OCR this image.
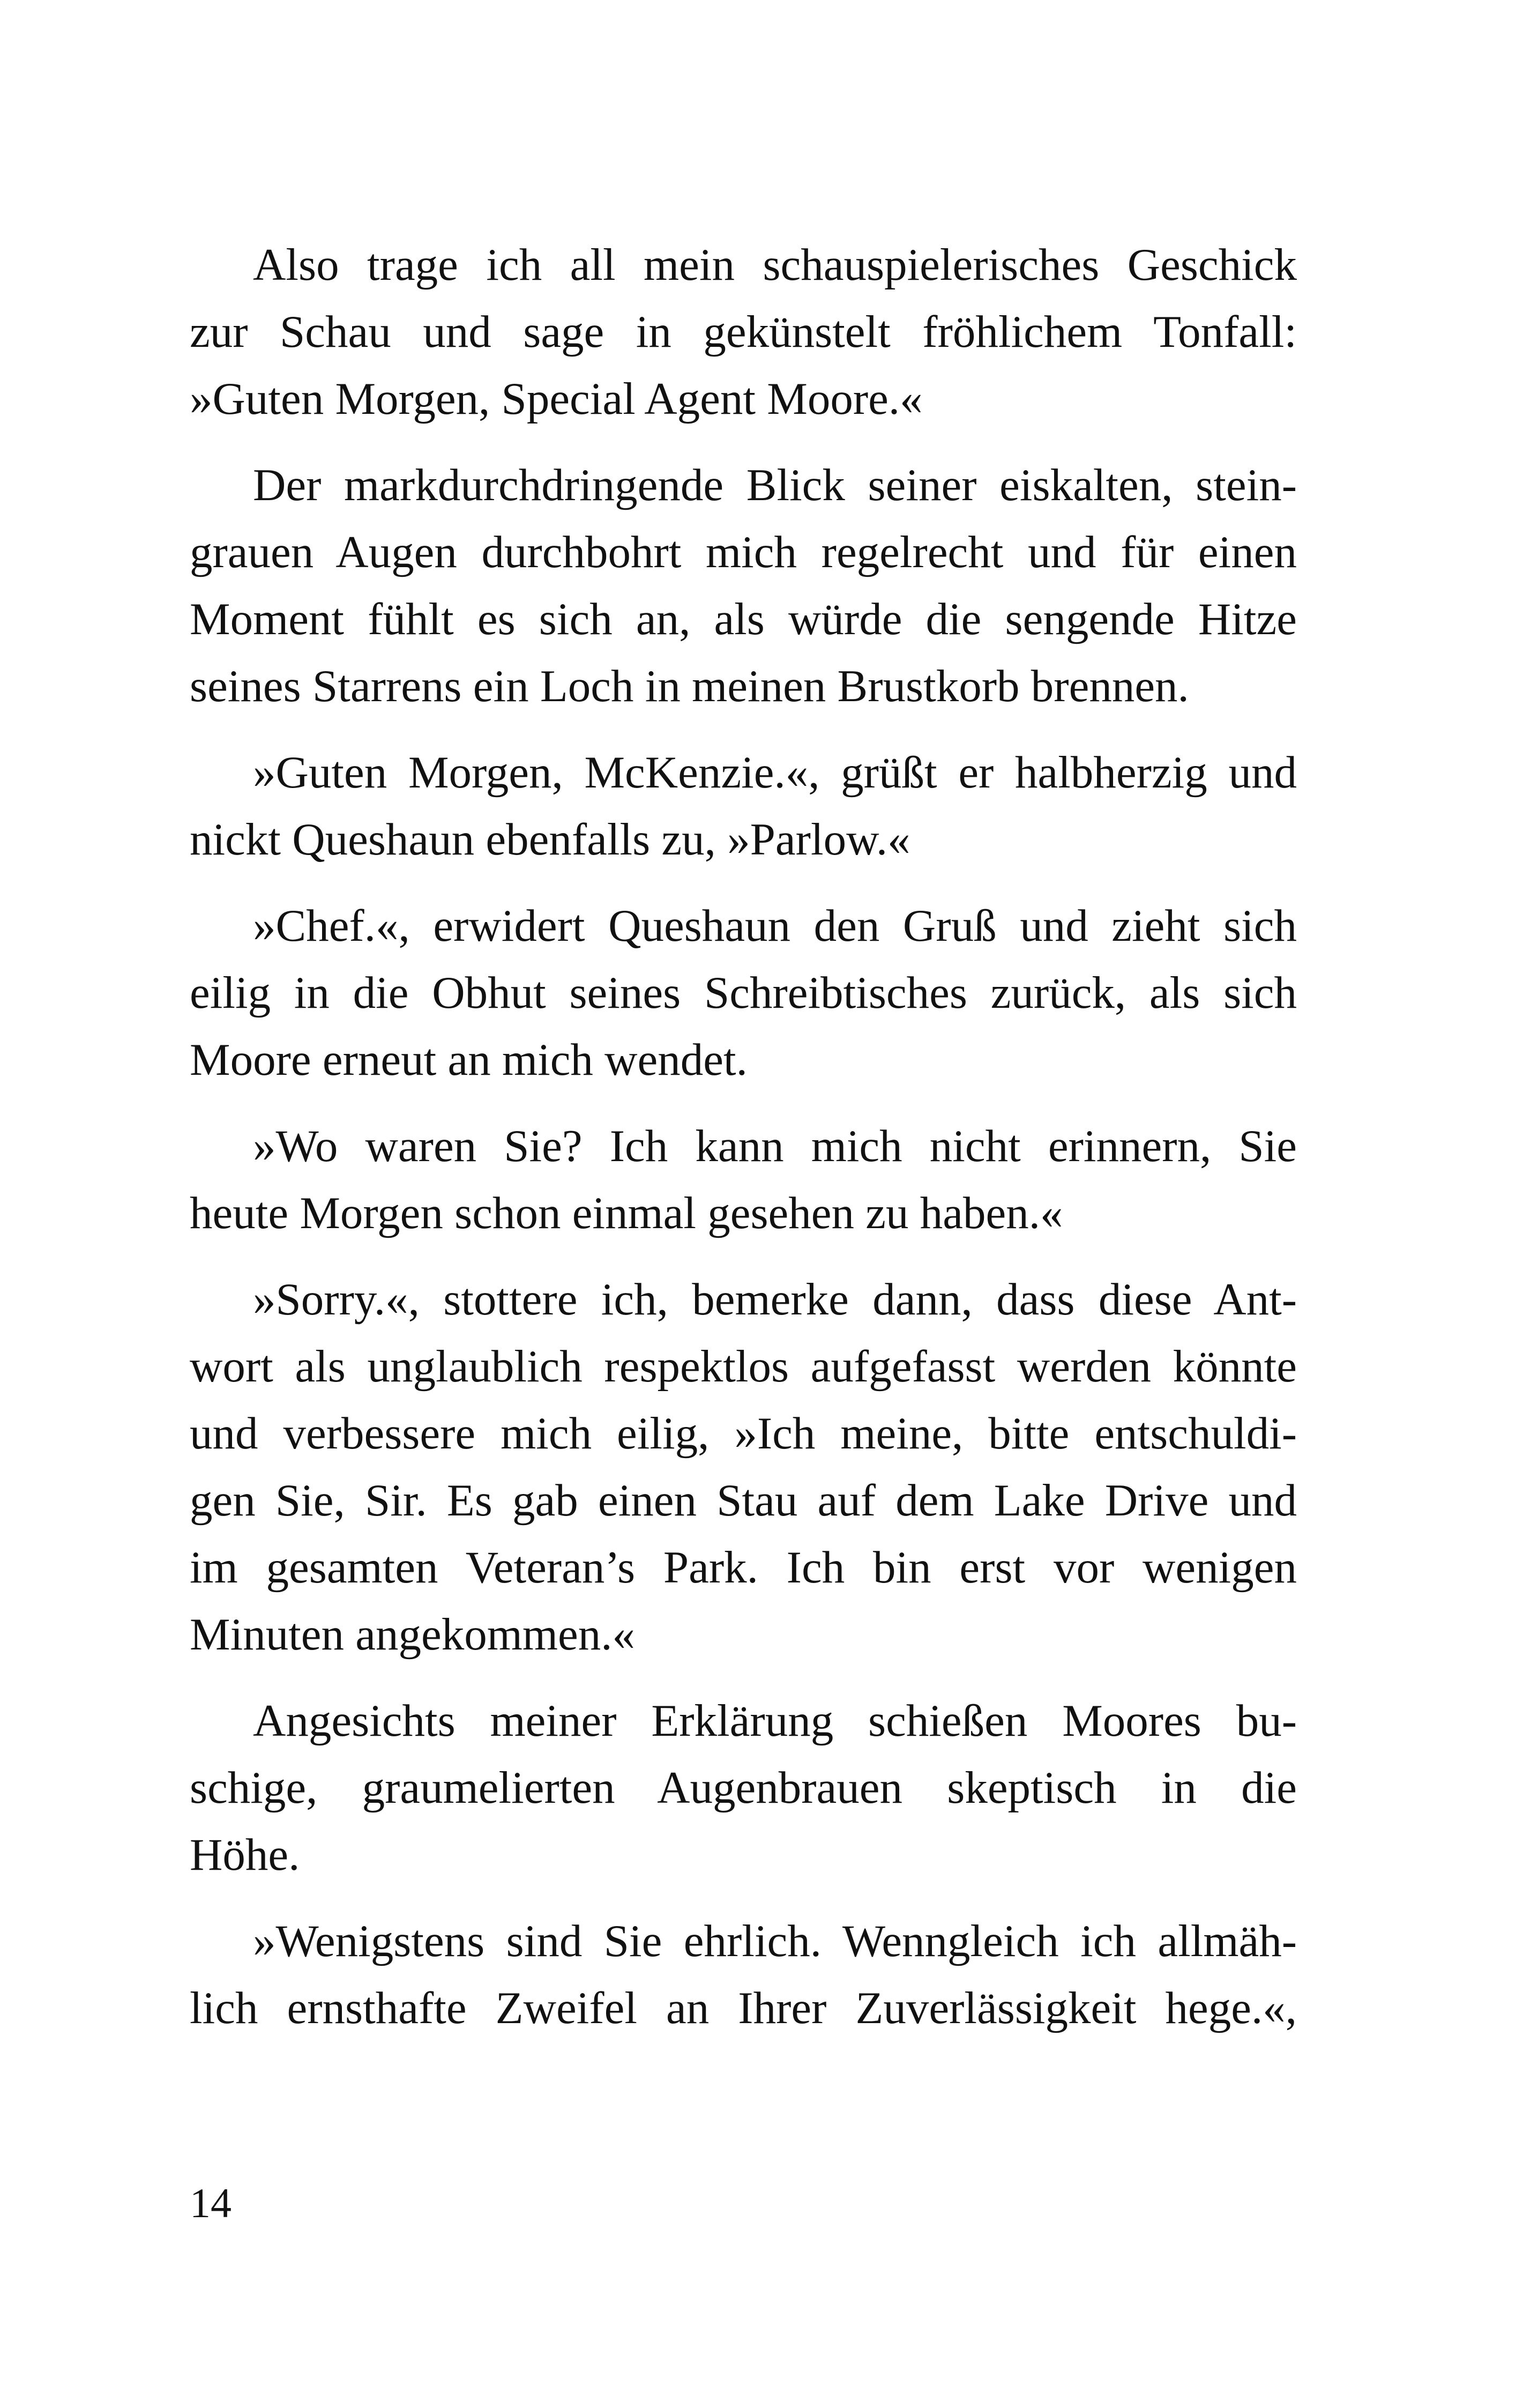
Also trage ich all mein schauspielerisches Geschick
zur Schau und sage in gekünstelt fröhlichem Tonfall:
»Guten Morgen, Special Agent Moore.«

Der markdurchdringende Blick seiner eiskalten, stein-
grauen Augen durchbohrt mich regelrecht und für einen
Moment fühlt es sich an, als würde die sengende Hitze
seines Starrens ein Loch in meinen Brustkorb brennen.

»Guten Morgen, McKenzie.«, grüßt er halbherzig und
nickt Queshaun ebenfalls zu, »Parlow.«

»Chef.«, erwidert Queshaun den Gruß und zieht sich
eilig in die Obhut seines Schreibtisches zurück, als sich
Moore erneut an mich wendet.

»Wo waren Sie? Ich kann mich nicht erinnern, Sie
heute Morgen schon einmal gesehen zu haben.«

»Sorry.«, stottere ich, bemerke dann, dass diese Ant-
wort als unglaublich respektlos aufgefasst werden könnte
und verbessere mich eilig, »Ich meine, bitte entschuldi-
gen Sie, Sir. Es gab einen Stau auf dem Lake Drive und
im gesamten Veteran’s Park. Ich bin erst vor wenigen
Minuten angekommen.«

Angesichts meiner Erklärung schießen Moores bu-
schige, graumelierten Augenbrauen skeptisch in die
Höhe.

»Wenigstens sind Sie ehrlich. Wenngleich ich allmäh-
lich ernsthafte Zweifel an Ihrer Zuverlässigkeit hege.«,

14
